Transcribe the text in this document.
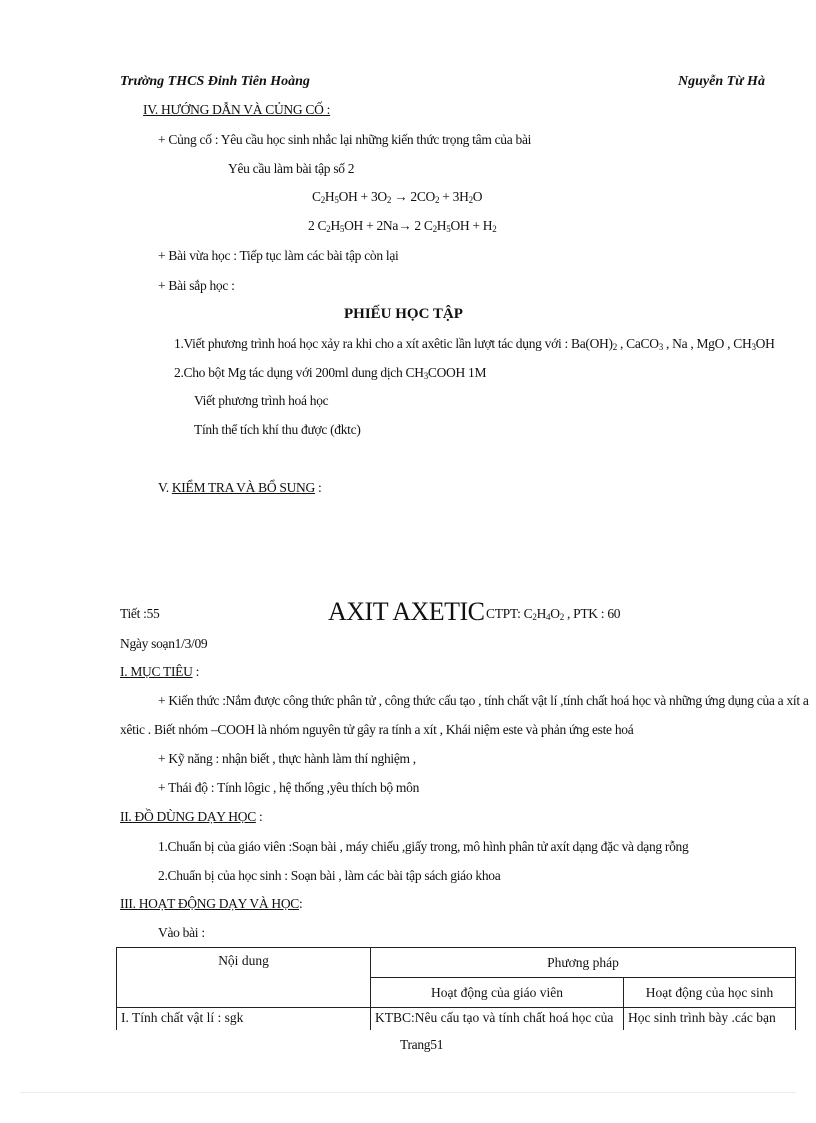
Trường THCS Đinh Tiên Hoàng	Nguyễn Từ Hà
IV. HƯỚNG DẪN VÀ CỦNG CỐ :
+ Củng cố : Yêu cầu học sinh nhắc lại những kiến thức trọng tâm của bài
Yêu cầu làm bài tập số 2
$C_2H_5OH + 3O_2 \to 2CO_2 + 3H_2O$
2 $C_2H_5OH + 2Na\to 2$ $C_2H_5OH + H_2$
+ Bài vừa học : Tiếp tục làm các bài tập còn lại
+ Bài sắp học :
PHIẾU HỌC TẬP
1.Viết phương trình hoá học xảy ra khi cho a xít axêtic lần lượt tác dụng với : $Ba(OH)_2$ , CaCO$_3$ , Na , MgO , $CH_3OH$
2.Cho bột Mg tác dụng với 200ml dung dịch $CH_3COOH$ 1M
Viết phương trình hoá học
Tính thể tích khí thu được (đktc)
V. KIỂM TRA VÀ BỔ SUNG :
Tiết :55	AXIT AXETIC CTPT: $C_2H_4O_2$ , PTK : 60
Ngày soạn1/3/09
I. MỤC TIÊU :
+ Kiến thức :Nắm được công thức phân tử , công thức cấu tạo , tính chất vật lí ,tính chất hoá học và những ứng dụng của a xít a
xêtic . Biết nhóm –COOH là nhóm nguyên tử gây ra tính a xít , Khái niệm este và phản ứng este hoá
+ Kỹ năng : nhận biết , thực hành làm thí nghiệm ,
+ Thái độ : Tính lôgic , hệ thống ,yêu thích bộ môn
II. ĐỒ DÙNG DẠY HỌC :
1.Chuẩn bị của giáo viên :Soạn bài , máy chiếu ,giấy trong, mô hình phân tử axít dạng đặc và dạng rỗng
2.Chuẩn bị của học sinh : Soạn bài , làm các bài tập sách giáo khoa
III. HOẠT ĐỘNG DẠY VÀ HỌC:
Vào bài :
Nội dung	Phương pháp	
	Hoạt động của giáo viên	Hoạt động của học sinh
I. Tính chất vật lí : sgk	KTBC:Nêu cấu tạo và tính chất hoá học của	Học sinh trình bày .các bạn
Trang51
